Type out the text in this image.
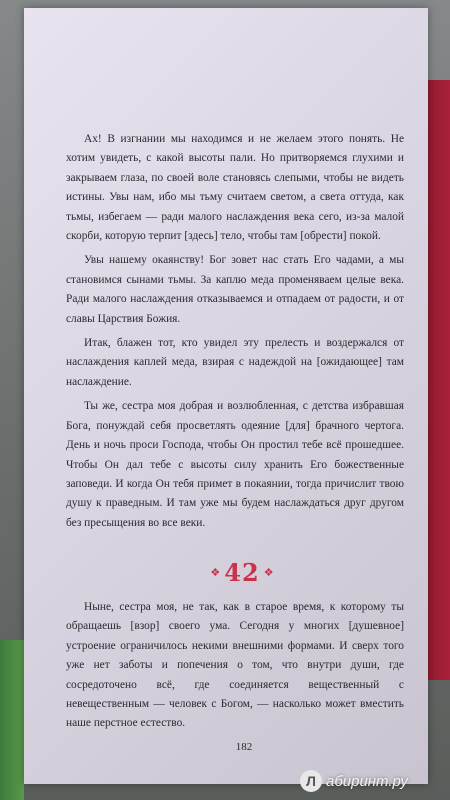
Ах! В изгнании мы находимся и не желаем этого понять. Не хотим увидеть, с какой высоты пали. Но притворяемся глухими и закрываем глаза, по своей воле становясь слепыми, чтобы не видеть истины. Увы нам, ибо мы тьму считаем светом, а света оттуда, как тьмы, избегаем — ради малого наслаждения века сего, из-за малой скорби, которую терпит [здесь] тело, чтобы там [обрести] покой.

Увы нашему окаянству! Бог зовет нас стать Его чадами, а мы становимся сынами тьмы. За каплю меда променяваем целые века. Ради малого наслаждения отказываемся и отпадаем от радости, и от славы Царствия Божия.

Итак, блажен тот, кто увидел эту прелесть и воздержался от наслаждения каплей меда, взирая с надеждой на [ожидающее] там наслаждение.

Ты же, сестра моя добрая и возлюбленная, с детства избравшая Бога, понуждай себя просветлять одеяние [для] брачного чертога. День и ночь проси Господа, чтобы Он простил тебе всё прошедшее. Чтобы Он дал тебе с высоты силу хранить Его божественные заповеди. И когда Он тебя примет в покаянии, тогда причислит твою душу к праведным. И там уже мы будем наслаждаться друг другом без пресыщения во все веки.

❖ 42 ❖

Ныне, сестра моя, не так, как в старое время, к которому ты обращаешь [взор] своего ума. Сегодня у многих [душевное] устроение ограничилось некими внешними формами. И сверх того уже нет заботы и попечения о том, что внутри души, где сосредоточено всё, где соединяется вещественный с невещественным — человек с Богом, — насколько может вместить наше перстное естество.

182
Л абиринт.ру
